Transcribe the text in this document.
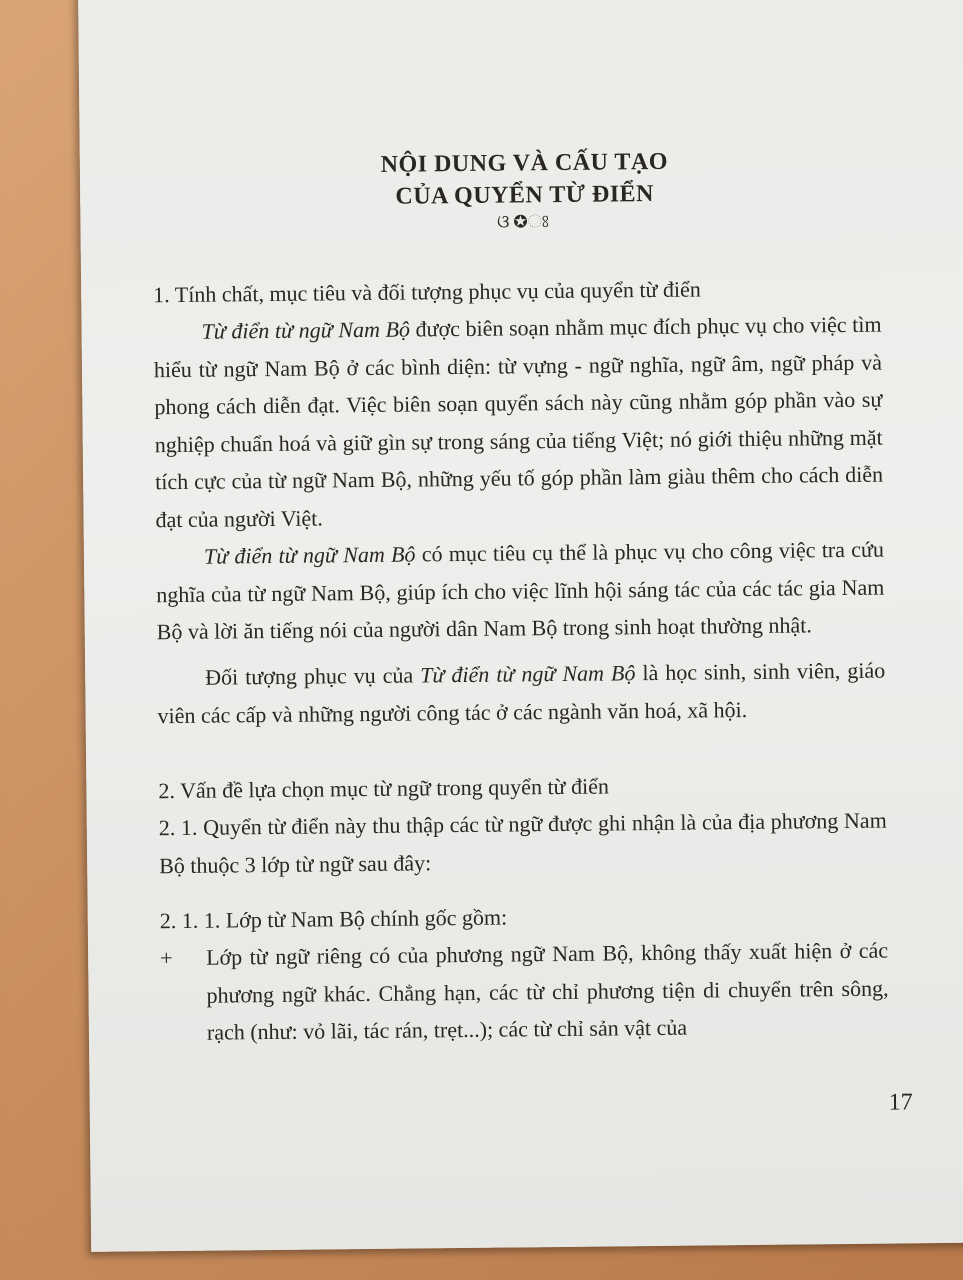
NỘI DUNG VÀ CẤU TẠO
CỦA QUYỂN TỪ ĐIỂN
ଓ✪ଃ

1. Tính chất, mục tiêu và đối tượng phục vụ của quyển từ điển

Từ điển từ ngữ Nam Bộ được biên soạn nhằm mục đích phục vụ cho việc tìm hiểu từ ngữ Nam Bộ ở các bình diện: từ vựng - ngữ nghĩa, ngữ âm, ngữ pháp và phong cách diễn đạt. Việc biên soạn quyển sách này cũng nhằm góp phần vào sự nghiệp chuẩn hoá và giữ gìn sự trong sáng của tiếng Việt; nó giới thiệu những mặt tích cực của từ ngữ Nam Bộ, những yếu tố góp phần làm giàu thêm cho cách diễn đạt của người Việt.

Từ điển từ ngữ Nam Bộ có mục tiêu cụ thể là phục vụ cho công việc tra cứu nghĩa của từ ngữ Nam Bộ, giúp ích cho việc lĩnh hội sáng tác của các tác gia Nam Bộ và lời ăn tiếng nói của người dân Nam Bộ trong sinh hoạt thường nhật.

Đối tượng phục vụ của Từ điển từ ngữ Nam Bộ là học sinh, sinh viên, giáo viên các cấp và những người công tác ở các ngành văn hoá, xã hội.

2. Vấn đề lựa chọn mục từ ngữ trong quyển từ điển

2. 1. Quyển từ điển này thu thập các từ ngữ được ghi nhận là của địa phương Nam Bộ thuộc 3 lớp từ ngữ sau đây:

2. 1. 1. Lớp từ Nam Bộ chính gốc gồm:

+ Lớp từ ngữ riêng có của phương ngữ Nam Bộ, không thấy xuất hiện ở các phương ngữ khác. Chẳng hạn, các từ chỉ phương tiện di chuyển trên sông, rạch (như: vỏ lãi, tác rán, trẹt...); các từ chỉ sản vật của
17
